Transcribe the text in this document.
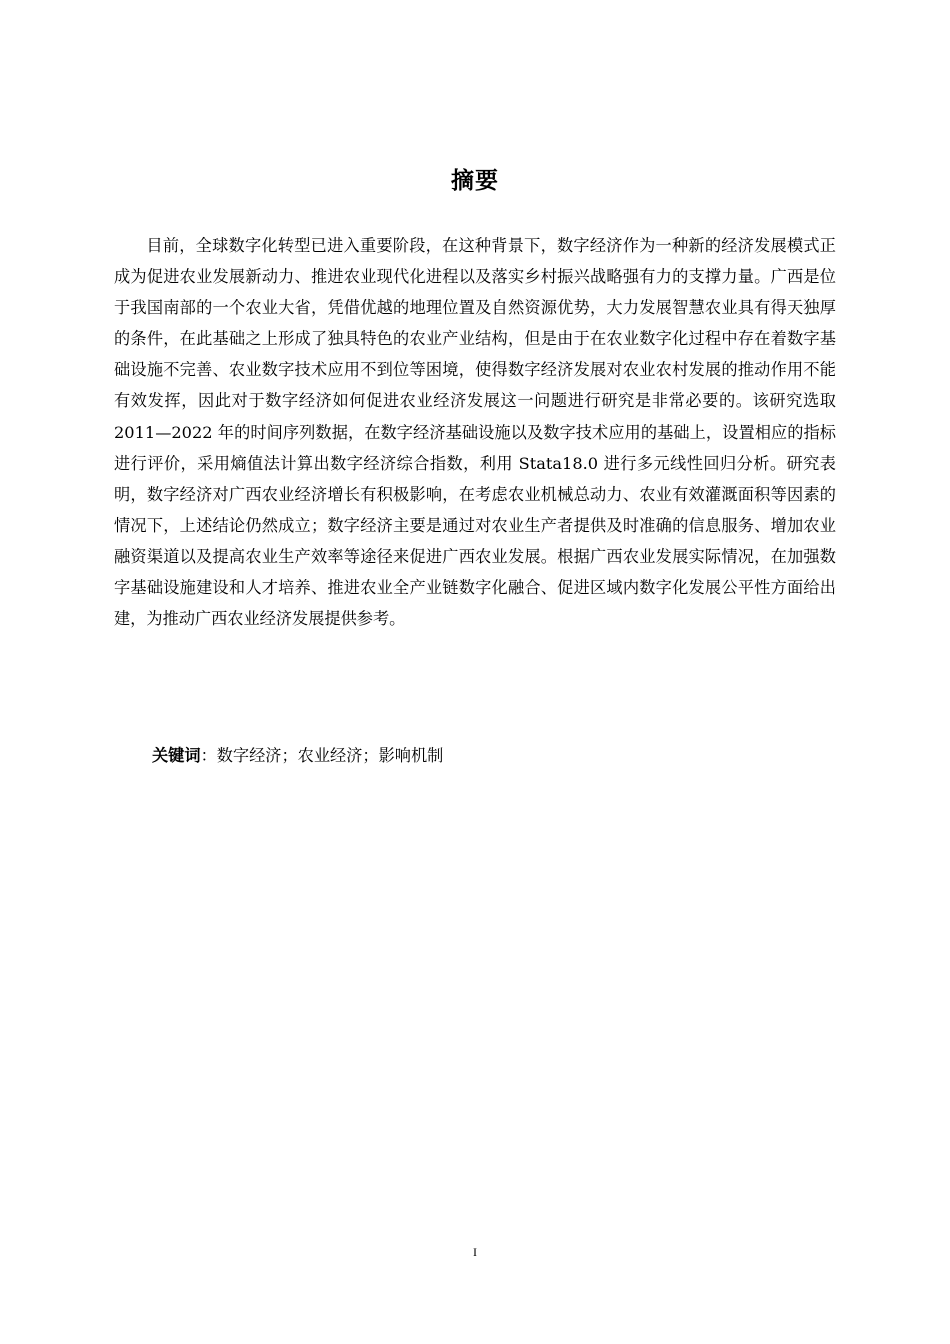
摘要

目前，全球数字化转型已进入重要阶段，在这种背景下，数字经济作为一种新的经济发展模式正成为促进农业发展新动力、推进农业现代化进程以及落实乡村振兴战略强有力的支撑力量。广西是位于我国南部的一个农业大省，凭借优越的地理位置及自然资源优势，大力发展智慧农业具有得天独厚的条件，在此基础之上形成了独具特色的农业产业结构，但是由于在农业数字化过程中存在着数字基础设施不完善、农业数字技术应用不到位等困境，使得数字经济发展对农业农村发展的推动作用不能有效发挥，因此对于数字经济如何促进农业经济发展这一问题进行研究是非常必要的。该研究选取 2011—2022 年的时间序列数据，在数字经济基础设施以及数字技术应用的基础上，设置相应的指标进行评价，采用熵值法计算出数字经济综合指数，利用 Stata18.0 进行多元线性回归分析。研究表明，数字经济对广西农业经济增长有积极影响，在考虑农业机械总动力、农业有效灌溉面积等因素的情况下，上述结论仍然成立；数字经济主要是通过对农业生产者提供及时准确的信息服务、增加农业融资渠道以及提高农业生产效率等途径来促进广西农业发展。根据广西农业发展实际情况，在加强数字基础设施建设和人才培养、推进农业全产业链数字化融合、促进区域内数字化发展公平性方面给出建，为推动广西农业经济发展提供参考。

关键词：数字经济；农业经济；影响机制
I
